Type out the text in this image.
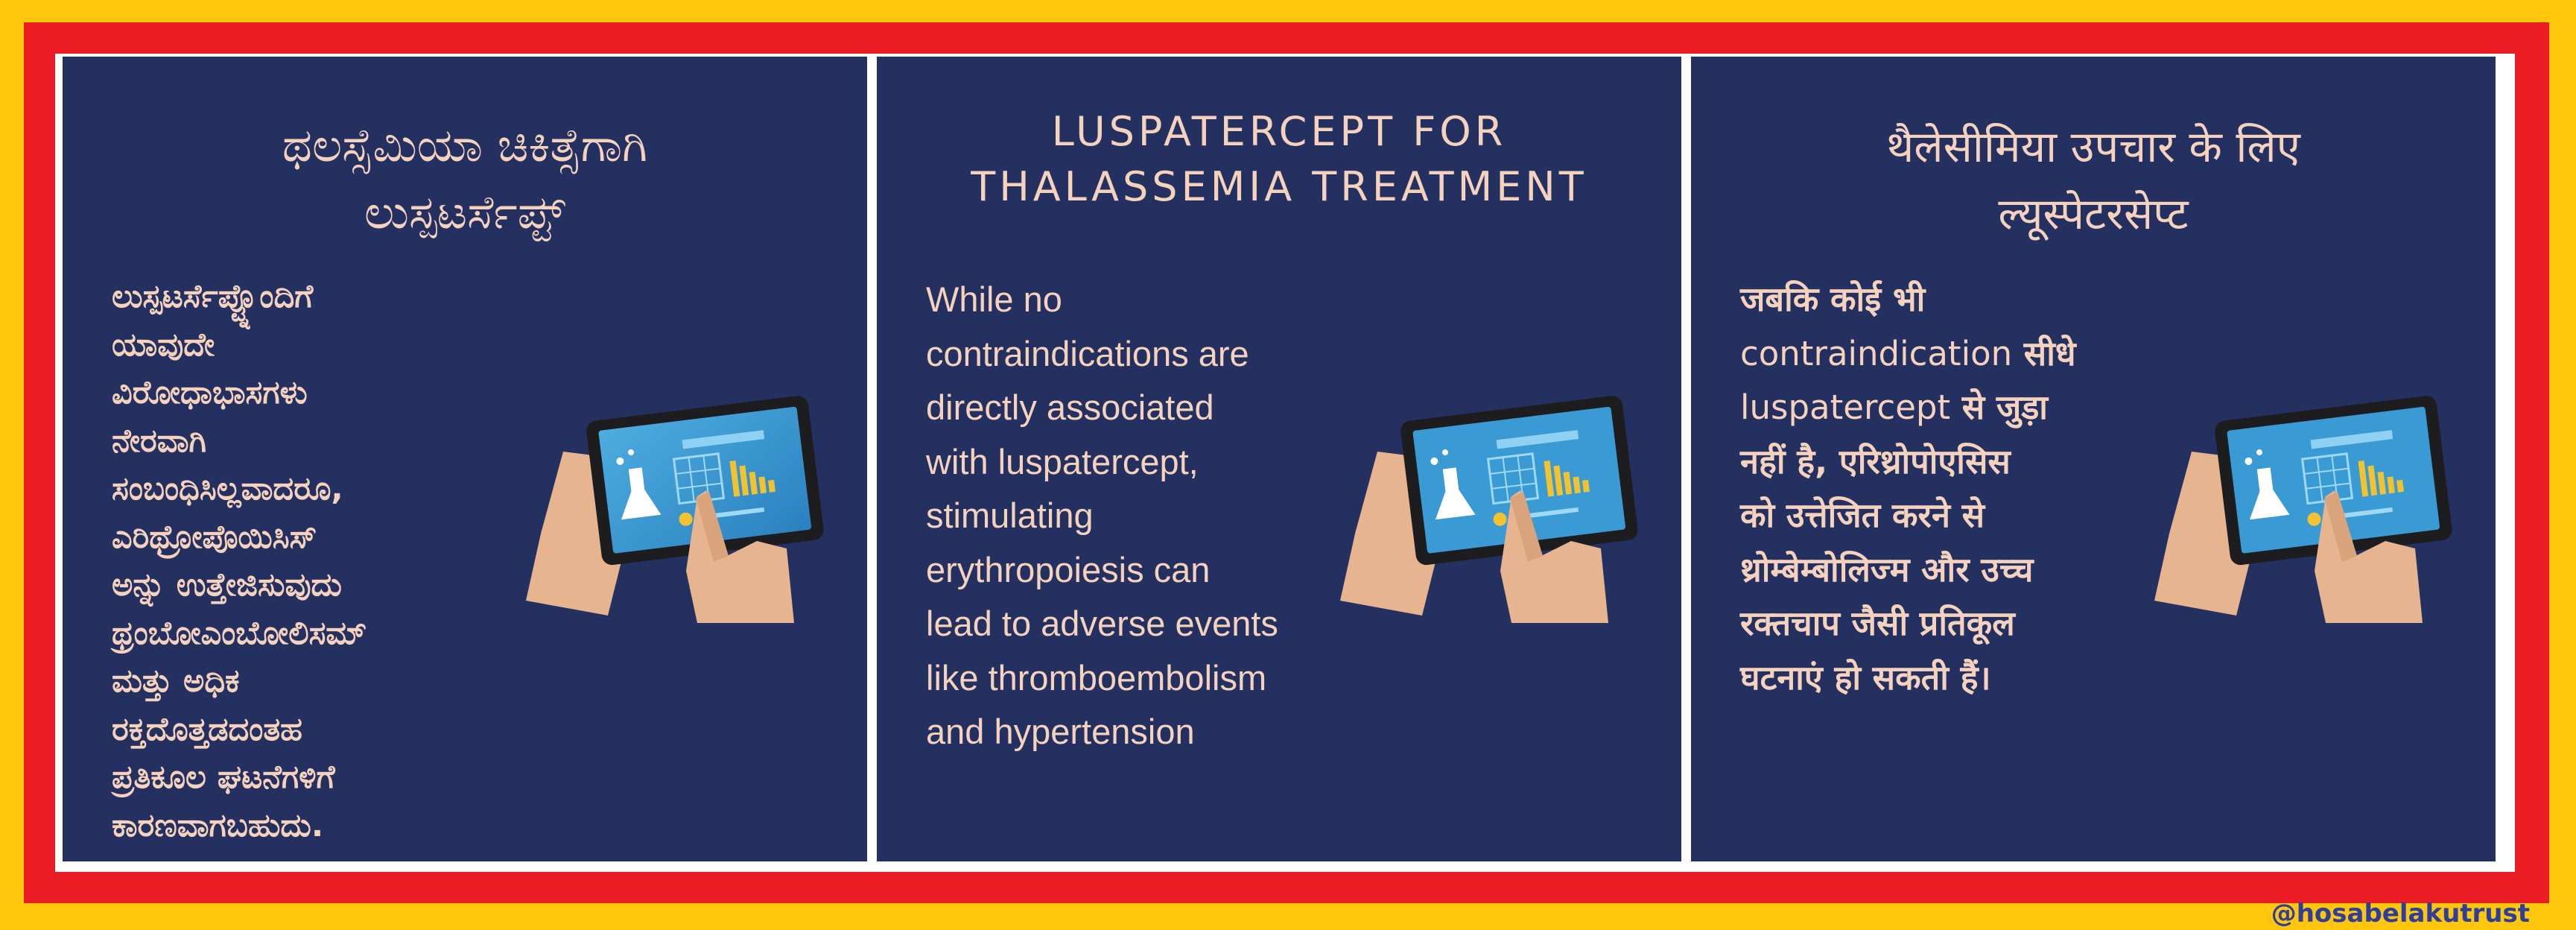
ಥಲಸ್ಸೆಮಿಯಾ ಚಿಕಿತ್ಸೆಗಾಗಿ
ಲುಸ್ಪಟರ್ಸೆಪ್ಟ್
ಲುಸ್ಪಟರ್ಸೆಪ್ಟ್ನೊಂದಿಗೆ
ಯಾವುದೇ
ವಿರೋಧಾಭಾಸಗಳು
ನೇರವಾಗಿ
ಸಂಬಂಧಿಸಿಲ್ಲವಾದರೂ,
ಎರಿಥ್ರೋಪೊಯಿಸಿಸ್
ಅನ್ನು ಉತ್ತೇಜಿಸುವುದು
ಥ್ರಂಬೋಎಂಬೋಲಿಸಮ್
ಮತ್ತು ಅಧಿಕ
ರಕ್ತದೊತ್ತಡದಂತಹ
ಪ್ರತಿಕೂಲ ಘಟನೆಗಳಿಗೆ
ಕಾರಣವಾಗಬಹುದು.
LUSPATERCEPT FOR
THALASSEMIA TREATMENT
While no
contraindications are
directly associated
with luspatercept,
stimulating
erythropoiesis can
lead to adverse events
like thromboembolism
and hypertension
थैलेसीमिया उपचार के लिए
ल्यूस्पेटरसेप्ट
जबकि कोई भी
contraindication सीधे
luspatercept से जुड़ा
नहीं है, एरिथ्रोपोएसिस
को उत्तेजित करने से
थ्रोम्बेम्बोलिज्म और उच्च
रक्तचाप जैसी प्रतिकूल
घटनाएं हो सकती हैं।
@hosabelakutrust
